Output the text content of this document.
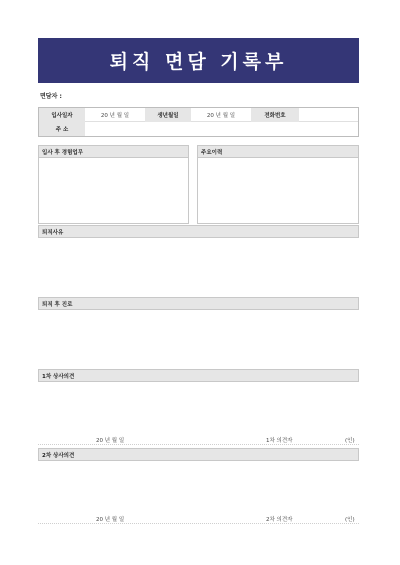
퇴직 면담 기록부
면담자 :
입사일자	20 년 월 일	생년월일	20 년 월 일	전화번호
주 소
입사 후 경험업무	주요이력
퇴직사유
퇴직 후 진로
1차 상사의견
20 년 월 일	1차 의견자	(인)
2차 상사의견
20 년 월 일	2차 의견자	(인)
